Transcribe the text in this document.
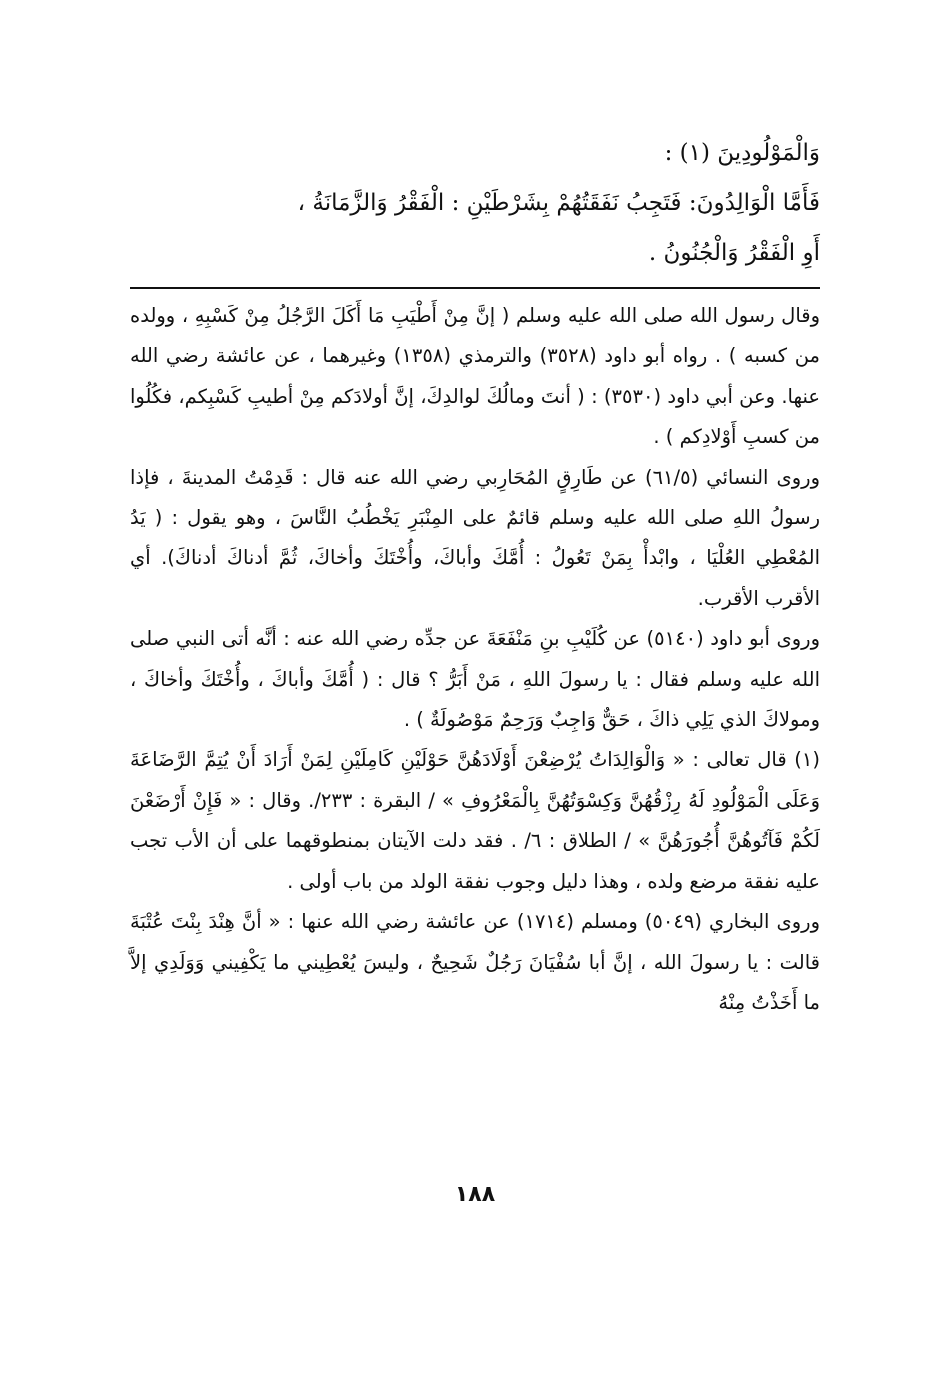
وَالْمَوْلُودِينَ (١) :

فَأَمَّا الْوَالِدُونَ: فَتَجِبُ نَفَقَتُهُمْ بِشَرْطَيْنِ : الْفَقْرُ وَالزَّمَانَةُ ،

أَوِ الْفَقْرُ وَالْجُنُونُ .

وقال رسول الله صلى الله عليه وسلم ( إنَّ مِنْ أَطْيَبِ مَا أَكَلَ الرَّجُلُ مِنْ كَسْبِهِ ، وولده من كسبه ) . رواه أبو داود (٣٥٢٨) والترمذي (١٣٥٨) وغيرهما ، عن عائشة رضي الله عنها. وعن أبي داود (٣٥٣٠) : ( أنتَ ومالُكَ لوالدِكَ، إنَّ أولادَكم مِنْ أطيبِ كَسْبِكم، فكُلُوا من كسبِ أَوْلادِكم ) .

وروى النسائي (٦١/٥) عن طَارِقٍ المُحَارِبي رضي الله عنه قال : قَدِمْتُ المدينةَ ، فإذا رسولُ اللهِ صلى الله عليه وسلم قائمٌ على المِنْبَرِ يَخْطُبُ النَّاسَ ، وهو يقول : ( يَدُ المُعْطِي العُلْيَا ، وابْدأْ بِمَنْ تَعُولُ : أُمَّكَ وأباكَ، وأُخْتَكَ وأخاكَ، ثُمَّ أدناكَ أدناكَ). أي الأقرب الأقرب.

وروى أبو داود (٥١٤٠) عن كُلَيْبِ بنِ مَنْفَعَةَ عن جدِّه رضي الله عنه : أنَّه أتى النبي صلى الله عليه وسلم فقال : يا رسولَ اللهِ ، مَنْ أَبَرُّ ؟ قال : ( أُمَّكَ وأباكَ ، وأُخْتَكَ وأخاكَ ، ومولاكَ الذي يَلِي ذاكَ ، حَقٌّ وَاجِبٌ وَرَحِمٌ مَوْصُولَةٌ ) .

(١) قال تعالى : « وَالْوَالِدَاتُ يُرْضِعْنَ أَوْلَادَهُنَّ حَوْلَيْنِ كَامِلَيْنِ لِمَنْ أَرَادَ أَنْ يُتِمَّ الرَّضَاعَةَ وَعَلَى الْمَوْلُودِ لَهُ رِزْقُهُنَّ وَكِسْوَتُهُنَّ بِالْمَعْرُوفِ » / البقرة : ٢٣٣/. وقال : « فَإِنْ أَرْضَعْنَ لَكُمْ فَآتُوهُنَّ أُجُورَهُنَّ » / الطلاق : ٦/ . فقد دلت الآيتان بمنطوقهما على أن الأب تجب عليه نفقة مرضع ولده ، وهذا دليل وجوب نفقة الولد من باب أولى .

وروى البخاري (٥٠٤٩) ومسلم (١٧١٤) عن عائشة رضي الله عنها : « أنَّ هِنْدَ بِنْتَ عُتْبَةَ قالت : يا رسولَ الله ، إنَّ أبا سُفْيَانَ رَجُلٌ شَحِيحٌ ، وليسَ يُعْطِيني ما يَكْفِيني وَوَلَدِي إلاَّ ما أَخَذْتُ مِنْهُ

١٨٨
